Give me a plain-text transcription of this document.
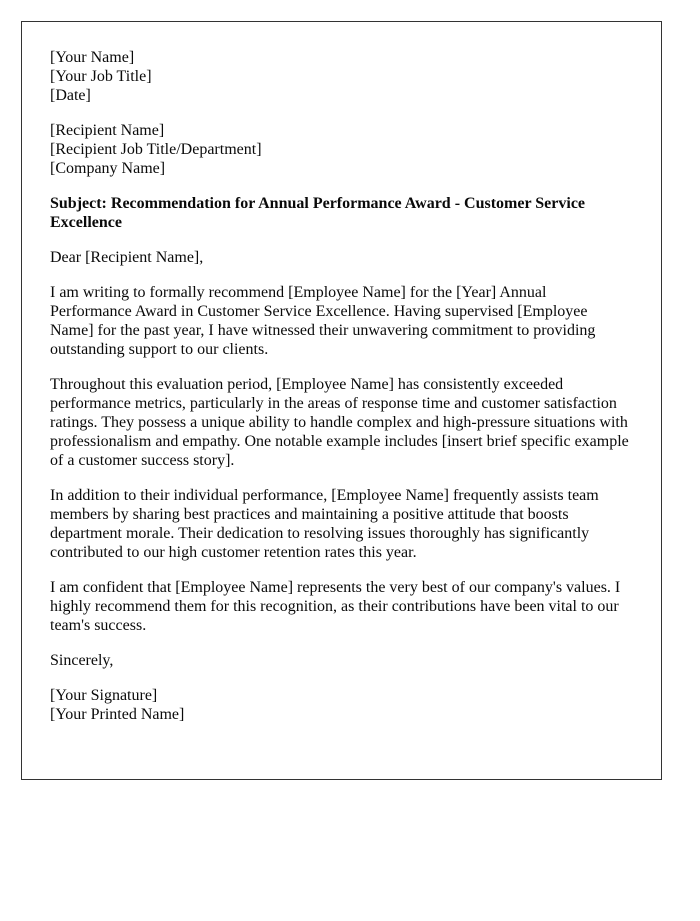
[Your Name]
[Your Job Title]
[Date]

[Recipient Name]
[Recipient Job Title/Department]
[Company Name]

Subject: Recommendation for Annual Performance Award - Customer Service Excellence

Dear [Recipient Name],

I am writing to formally recommend [Employee Name] for the [Year] Annual Performance Award in Customer Service Excellence. Having supervised [Employee Name] for the past year, I have witnessed their unwavering commitment to providing outstanding support to our clients.

Throughout this evaluation period, [Employee Name] has consistently exceeded performance metrics, particularly in the areas of response time and customer satisfaction ratings. They possess a unique ability to handle complex and high-pressure situations with professionalism and empathy. One notable example includes [insert brief specific example of a customer success story].

In addition to their individual performance, [Employee Name] frequently assists team members by sharing best practices and maintaining a positive attitude that boosts department morale. Their dedication to resolving issues thoroughly has significantly contributed to our high customer retention rates this year.

I am confident that [Employee Name] represents the very best of our company's values. I highly recommend them for this recognition, as their contributions have been vital to our team's success.

Sincerely,

[Your Signature]
[Your Printed Name]
